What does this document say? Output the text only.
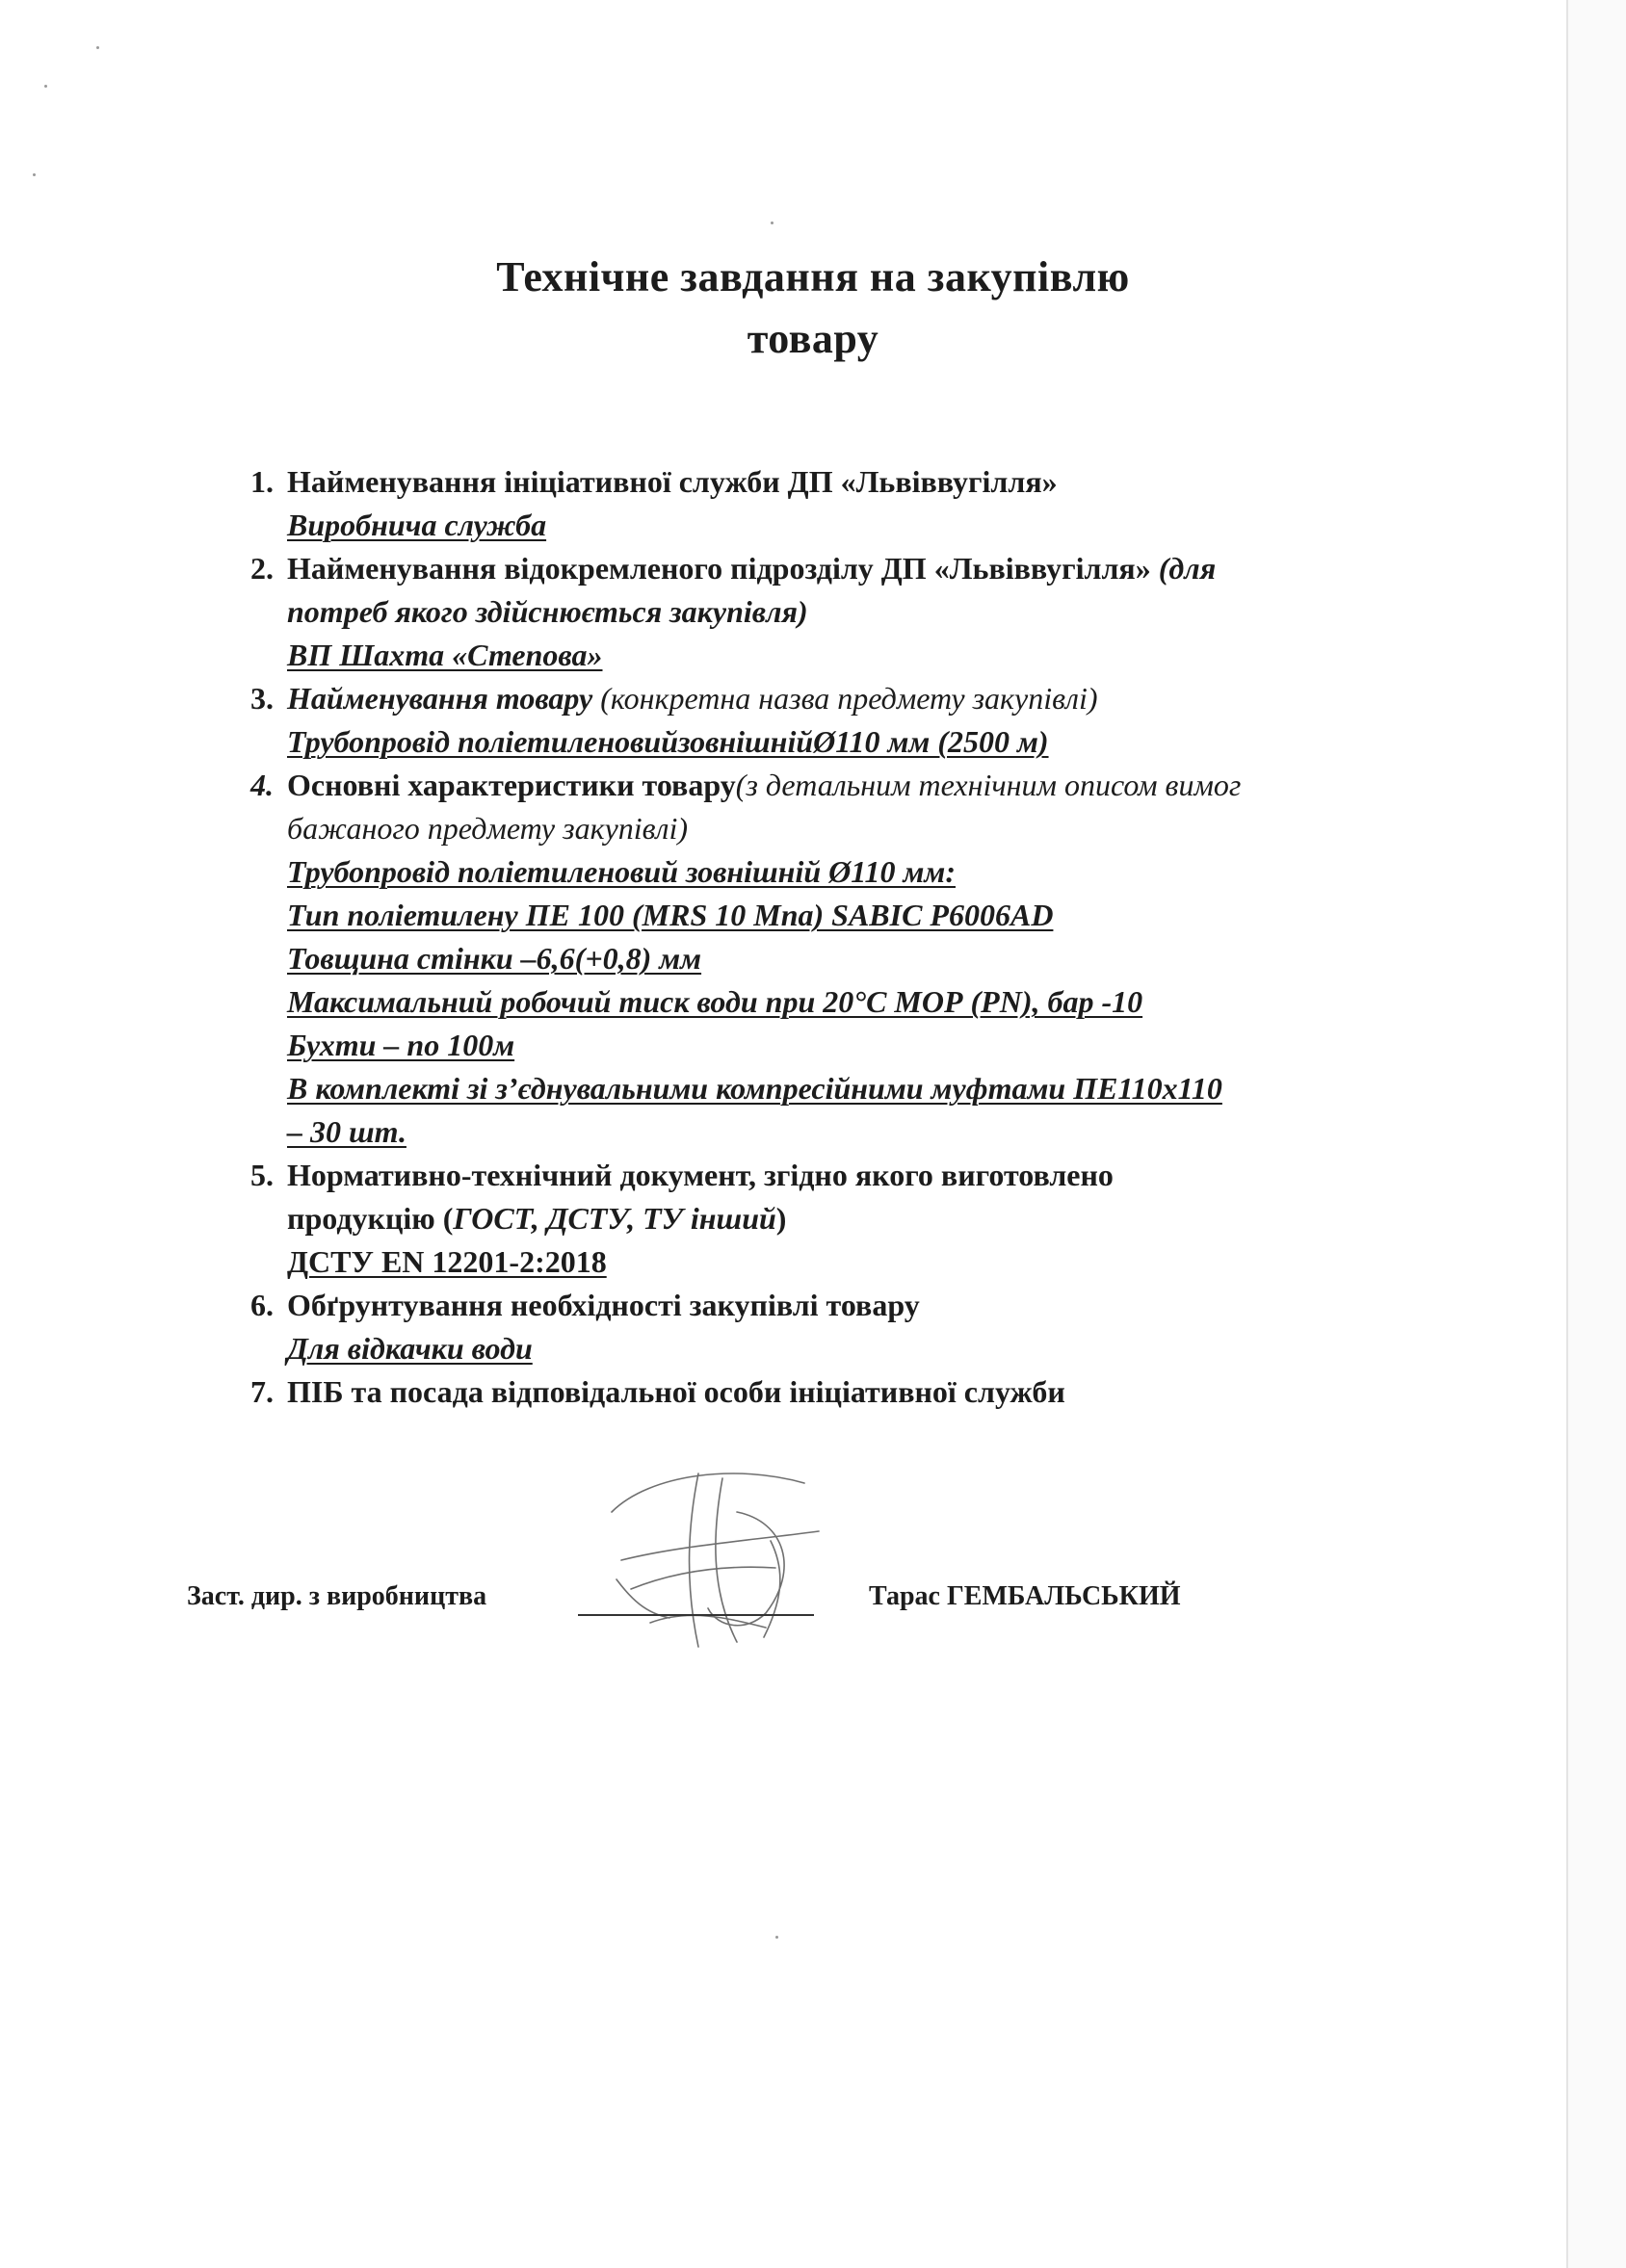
Технічне завдання на закупівлю
товару
1. Найменування ініціативної служби ДП «Львіввугілля»
Виробнича служба
2. Найменування відокремленого підрозділу ДП «Львіввугілля» (для
потреб якого здійснюється закупівля)
ВП Шахта «Степова»
3. Найменування товару (конкретна назва предмету закупівлі)
Трубопровід поліетиленовийзовнішнійØ110 мм (2500 м)
4. Основні характеристики товару(з детальним технічним описом вимог
бажаного предмету закупівлі)
Трубопровід поліетиленовий зовнішній Ø110 мм:
Тип поліетилену ПЕ 100 (MRS 10 Мпа) SABIC P6006AD
Товщина стінки –6,6(+0,8) мм
Максимальний робочий тиск води при 20°С МОР (PN), бар -10
Бухти – по 100м
В комплекті зі з’єднувальними компресійними муфтами ПЕ110х110
– 30 шт.
5. Нормативно-технічний документ, згідно якого виготовлено
продукцію (ГОСТ, ДСТУ, ТУ інший)
ДСТУ EN 12201-2:2018
6. Обґрунтування необхідності закупівлі товару
Для відкачки води
7. ПІБ та посада відповідальної особи ініціативної служби
Заст. дир. з виробництва	Тарас ГЕМБАЛЬСЬКИЙ
